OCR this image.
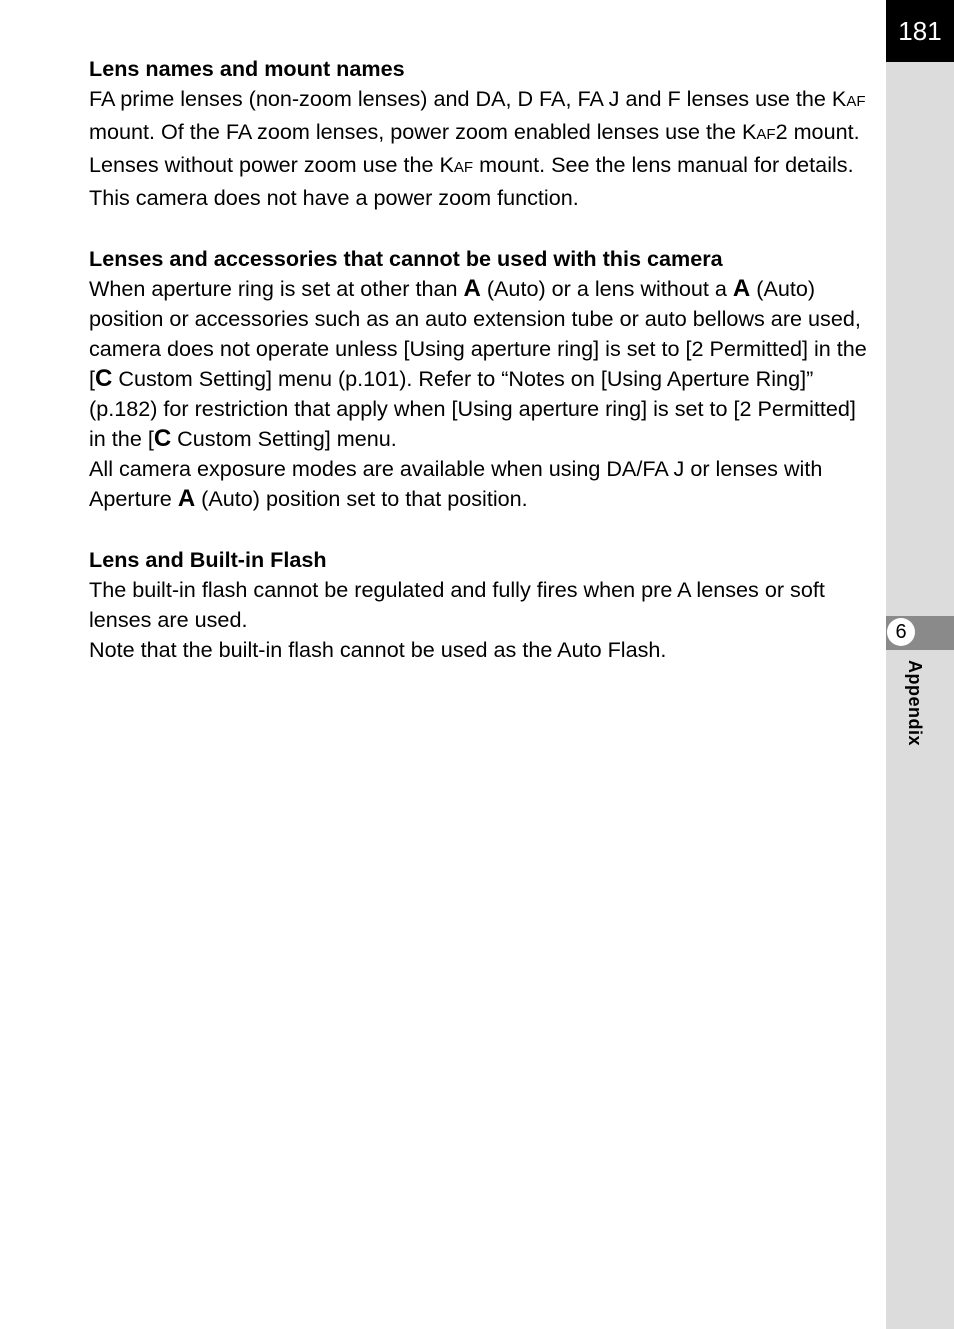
181
6
Appendix

Lens names and mount names

FA prime lenses (non-zoom lenses) and DA, D FA, FA J and F lenses use the KAF mount. Of the FA zoom lenses, power zoom enabled lenses use the KAF2 mount. Lenses without power zoom use the KAF mount. See the lens manual for details. This camera does not have a power zoom function.

Lenses and accessories that cannot be used with this camera

When aperture ring is set at other than A (Auto) or a lens without a A (Auto) position or accessories such as an auto extension tube or auto bellows are used, camera does not operate unless [Using aperture ring] is set to [2 Permitted] in the [C Custom Setting] menu (p.101). Refer to “Notes on [Using Aperture Ring]” (p.182) for restriction that apply when [Using aperture ring] is set to [2 Permitted] in the [C Custom Setting] menu.

All camera exposure modes are available when using DA/FA J or lenses with Aperture A (Auto) position set to that position.

Lens and Built-in Flash

The built-in flash cannot be regulated and fully fires when pre A lenses or soft lenses are used.

Note that the built-in flash cannot be used as the Auto Flash.
